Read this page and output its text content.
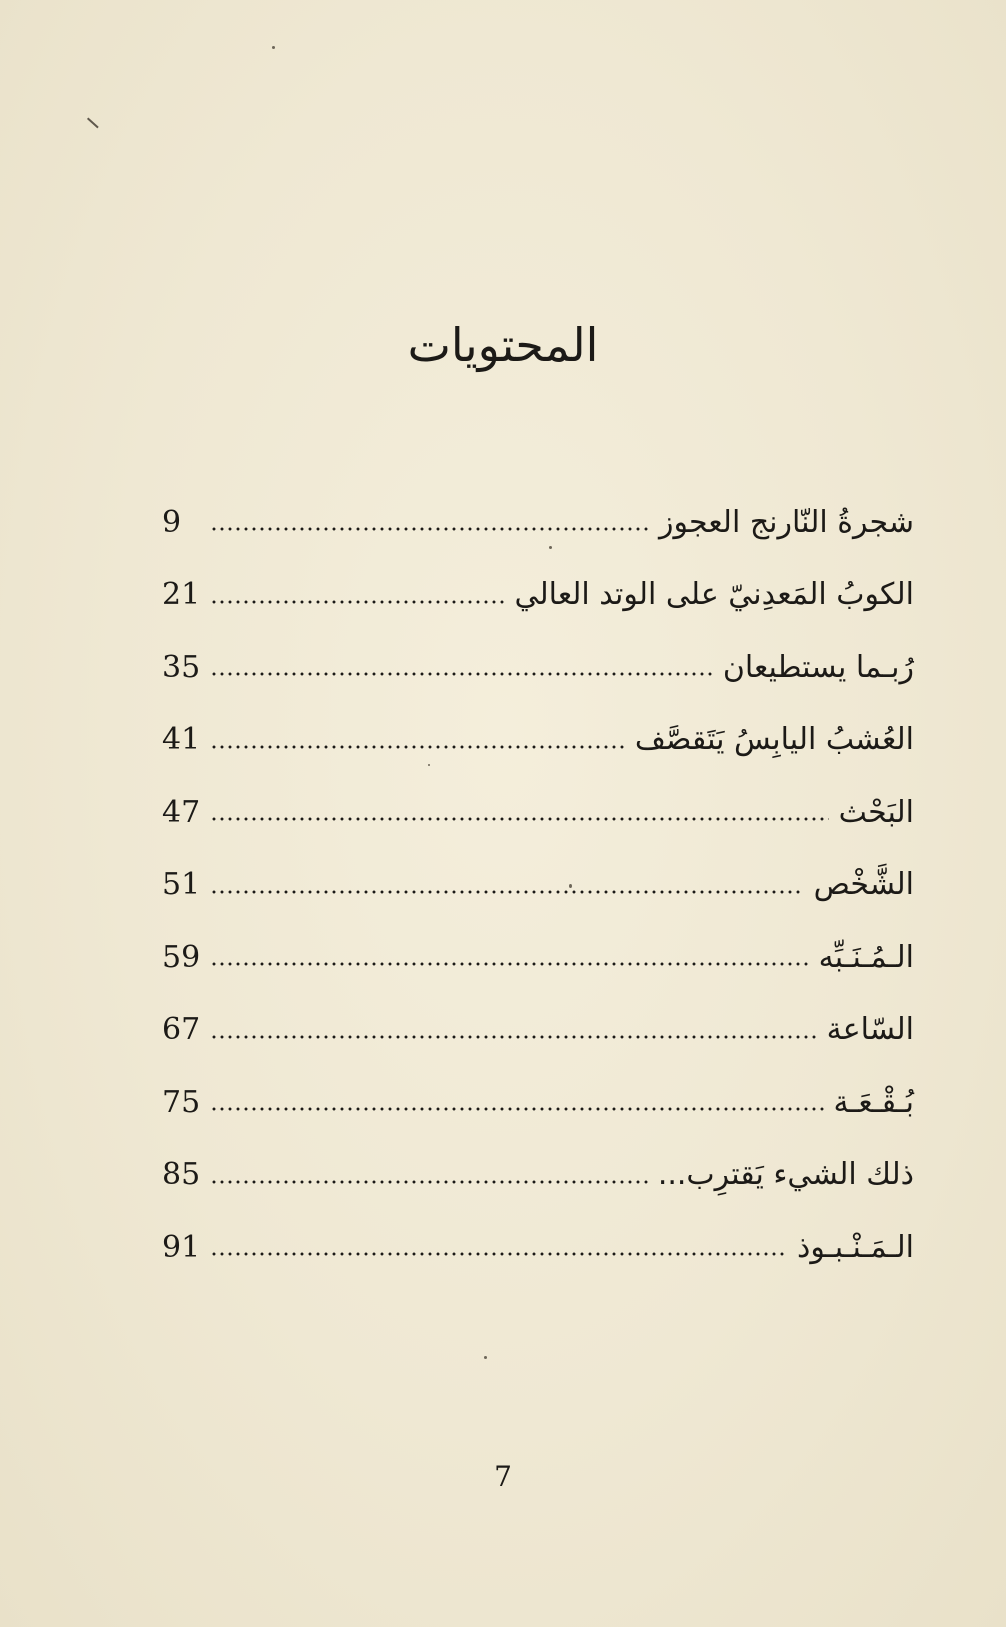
المحتويات
شجرةُ النّارنج العجوز
9
الكوبُ المَعدِنيّ على الوتد العالي
21
رُبـما يستطيعان
35
العُشبُ اليابِسُ يَتَقصَّف
41
البَحْث
47
الشَّخْص
51
الـمُـنَـبِّه
59
السّاعة
67
بُـقْـعَـة
75
ذلك الشيء يَقترِب...
85
الـمَـنْـبـوذ
91
7
